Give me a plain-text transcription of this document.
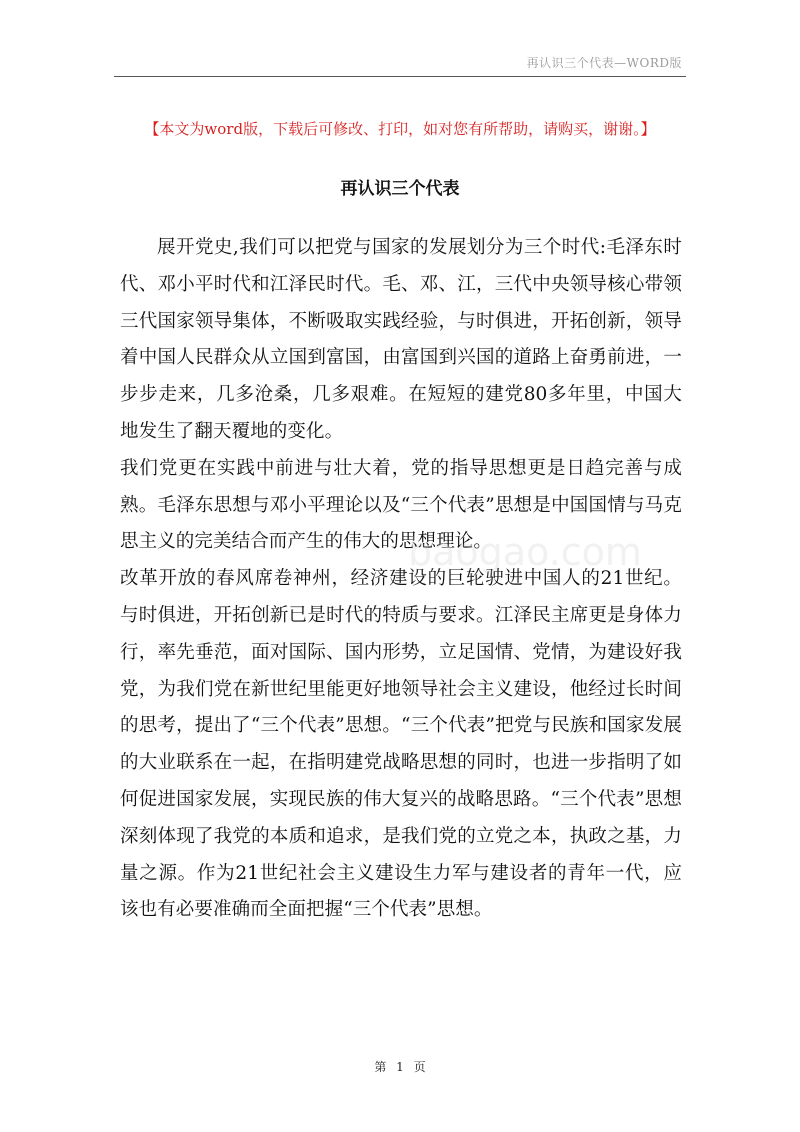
再认识三个代表—WORD版
【本文为word版，下载后可修改、打印，如对您有所帮助，请购买，谢谢。】
再认识三个代表

展开党史,我们可以把党与国家的发展划分为三个时代:毛泽东时代、邓小平时代和江泽民时代。毛、邓、江，三代中央领导核心带领三代国家领导集体，不断吸取实践经验，与时俱进，开拓创新，领导着中国人民群众从立国到富国，由富国到兴国的道路上奋勇前进，一步步走来，几多沧桑，几多艰难。在短短的建党80多年里，中国大地发生了翻天覆地的变化。

我们党更在实践中前进与壮大着，党的指导思想更是日趋完善与成熟。毛泽东思想与邓小平理论以及“三个代表”思想是中国国情与马克思主义的完美结合而产生的伟大的思想理论。

改革开放的春风席卷神州，经济建设的巨轮驶进中国人的21世纪。与时俱进，开拓创新已是时代的特质与要求。江泽民主席更是身体力行，率先垂范，面对国际、国内形势，立足国情、党情，为建设好我党，为我们党在新世纪里能更好地领导社会主义建设，他经过长时间的思考，提出了“三个代表”思想。“三个代表”把党与民族和国家发展的大业联系在一起，在指明建党战略思想的同时，也进一步指明了如何促进国家发展，实现民族的伟大复兴的战略思路。“三个代表”思想深刻体现了我党的本质和追求，是我们党的立党之本，执政之基，力量之源。作为21世纪社会主义建设生力军与建设者的青年一代，应该也有必要准确而全面把握“三个代表”思想。

baogao.com
第 1 页
